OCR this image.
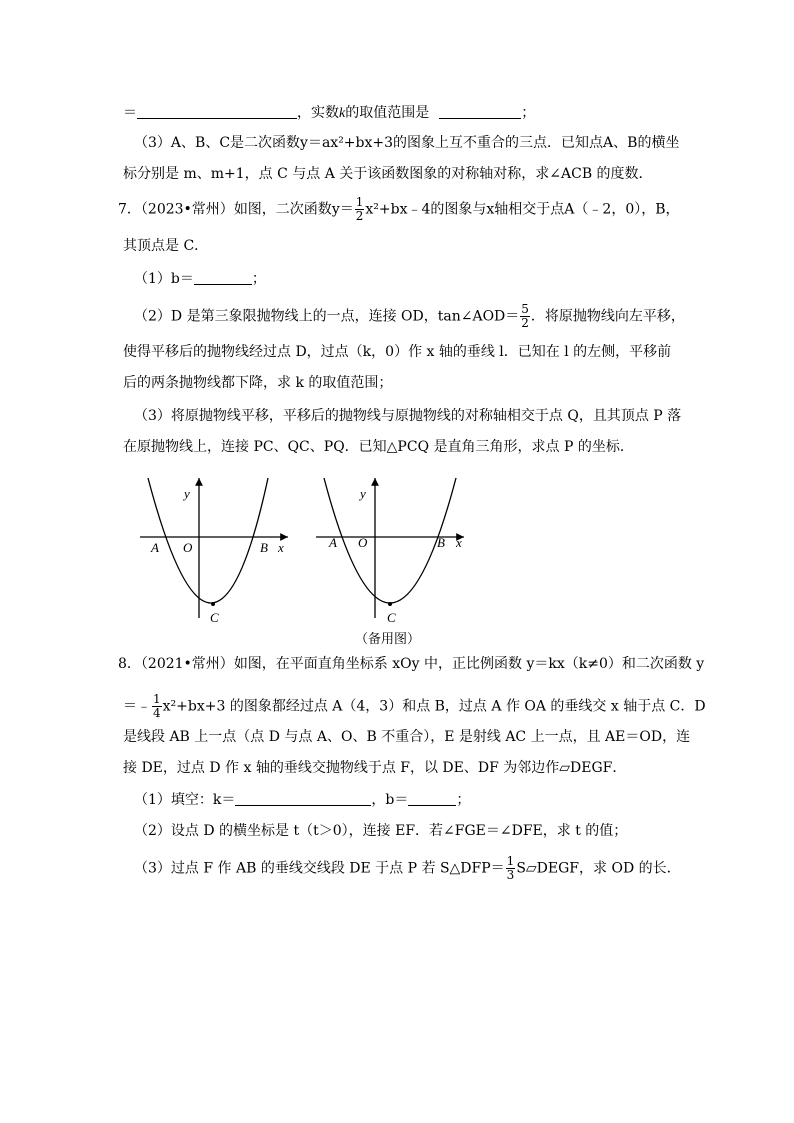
＝	，实数k的取值范围是	；
（3）A、B、C是二次函数y＝ax²+bx+3的图象上互不重合的三点．已知点A、B的横坐
标分别是 m、m+1，点 C 与点 A 关于该函数图象的对称轴对称，求∠ACB 的度数．
7．（2023•常州）如图，二次函数$y= \frac{1}{2}$ x²+bx﹣4的图象与x轴相交于点A（﹣2，0），B，
其顶点是 C．
（1）b＝	；
（2）D 是第三象限抛物线上的一点，连接 OD，tan∠AOD＝ $\frac{5}{2}$ ．将原抛物线向左平移，
使得平移后的抛物线经过点 D，过点（k，0）作 x 轴的垂线 l．已知在 l 的左侧，平移前
后的两条抛物线都下降，求 k 的取值范围；
（3）将原抛物线平移，平移后的抛物线与原抛物线的对称轴相交于点 Q，且其顶点 P 落
在原抛物线上，连接 PC、QC、PQ．已知△PCQ 是直角三角形，求点 P 的坐标．
y
A O	B x
C
y
A O	B x
C
（备用图）
8．（2021•常州）如图，在平面直角坐标系 xOy 中，正比例函数 y＝kx（k≠0）和二次函数 y
＝﹣ $\frac{1}{4} x^2+bx+3$ 的图象都经过点 A（4，3）和点 B，过点 A 作 OA 的垂线交 x 轴于点 C．D
是线段 AB 上一点（点 D 与点 A、O、B 不重合），E 是射线 AC 上一点，且 AE＝OD，连
接 DE，过点 D 作 x 轴的垂线交抛物线于点 F，以 DE、DF 为邻边作▱DEGF．
（1）填空：k＝	，b＝	；
（2）设点 D 的横坐标是 t（t＞0），连接 EF．若∠FGE＝∠DFE，求 t 的值；
（3）过点 F 作 AB 的垂线交线段 DE 于点 P 若 S△DFP＝ $\frac{1}{3}$ S▱DEGF，求 OD 的长．
